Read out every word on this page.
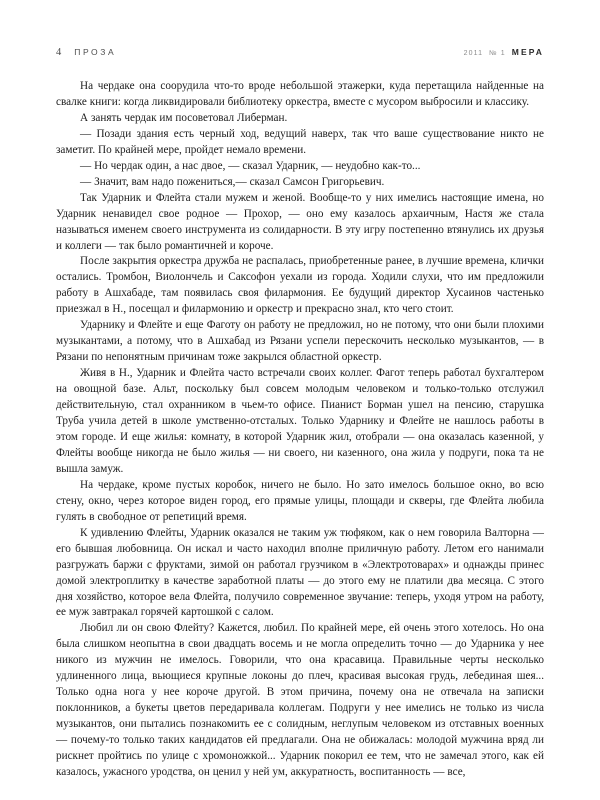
4 ПРОЗА	2011 № 1 МЕРА

На чердаке она соорудила что-то вроде небольшой этажерки, куда перетащила найденные на свалке книги: когда ликвидировали библиотеку оркестра, вместе с мусором выбросили и классику.

А занять чердак им посоветовал Либерман.

— Позади здания есть черный ход, ведущий наверх, так что ваше существование никто не заметит. По крайней мере, пройдет немало времени.

— Но чердак один, а нас двое, — сказал Ударник, — неудобно как-то...

— Значит, вам надо пожениться,— сказал Самсон Григорьевич.

Так Ударник и Флейта стали мужем и женой. Вообще-то у них имелись настоящие имена, но Ударник ненавидел свое родное — Прохор, — оно ему казалось архаичным, Настя же стала называться именем своего инструмента из солидарности. В эту игру постепенно втянулись их друзья и коллеги — так было романтичней и короче.

После закрытия оркестра дружба не распалась, приобретенные ранее, в лучшие времена, клички остались. Тромбон, Виолончель и Саксофон уехали из города. Ходили слухи, что им предложили работу в Ашхабаде, там появилась своя филармония. Ее будущий директор Хусаинов частенько приезжал в Н., посещал и филармонию и оркестр и прекрасно знал, кто чего стоит.

Ударнику и Флейте и еще Фаготу он работу не предложил, но не потому, что они были плохими музыкантами, а потому, что в Ашхабад из Рязани успели перескочить несколько музыкантов, — в Рязани по непонятным причинам тоже закрылся областной оркестр.

Живя в Н., Ударник и Флейта часто встречали своих коллег. Фагот теперь работал бухгалтером на овощной базе. Альт, поскольку был совсем молодым человеком и только-только отслужил действительную, стал охранником в чьем-то офисе. Пианист Борман ушел на пенсию, старушка Труба учила детей в школе умственно-отсталых. Только Ударнику и Флейте не нашлось работы в этом городе. И еще жилья: комнату, в которой Ударник жил, отобрали — она оказалась казенной, у Флейты вообще никогда не было жилья — ни своего, ни казенного, она жила у подруги, пока та не вышла замуж.

На чердаке, кроме пустых коробок, ничего не было. Но зато имелось большое окно, во всю стену, окно, через которое виден город, его прямые улицы, площади и скверы, где Флейта любила гулять в свободное от репетиций время.

К удивлению Флейты, Ударник оказался не таким уж тюфяком, как о нем говорила Валторна — его бывшая любовница. Он искал и часто находил вполне приличную работу. Летом его нанимали разгружать баржи с фруктами, зимой он работал грузчиком в «Электротоварах» и однажды принес домой электроплитку в качестве заработной платы — до этого ему не платили два месяца. С этого дня хозяйство, которое вела Флейта, получило современное звучание: теперь, уходя утром на работу, ее муж завтракал горячей картошкой с салом.

Любил ли он свою Флейту? Кажется, любил. По крайней мере, ей очень этого хотелось. Но она была слишком неопытна в свои двадцать восемь и не могла определить точно — до Ударника у нее никого из мужчин не имелось. Говорили, что она красавица. Правильные черты несколько удлиненного лица, вьющиеся крупные локоны до плеч, красивая высокая грудь, лебединая шея... Только одна нога у нее короче другой. В этом причина, почему она не отвечала на записки поклонников, а букеты цветов передаривала коллегам. Подруги у нее имелись не только из числа музыкантов, они пытались познакомить ее с солидным, неглупым человеком из отставных военных — почему-то только таких кандидатов ей предлагали. Она не обижалась: молодой мужчина вряд ли рискнет пройтись по улице с хромоножкой... Ударник покорил ее тем, что не замечал этого, как ей казалось, ужасного уродства, он ценил у ней ум, аккуратность, воспитанность — все,
